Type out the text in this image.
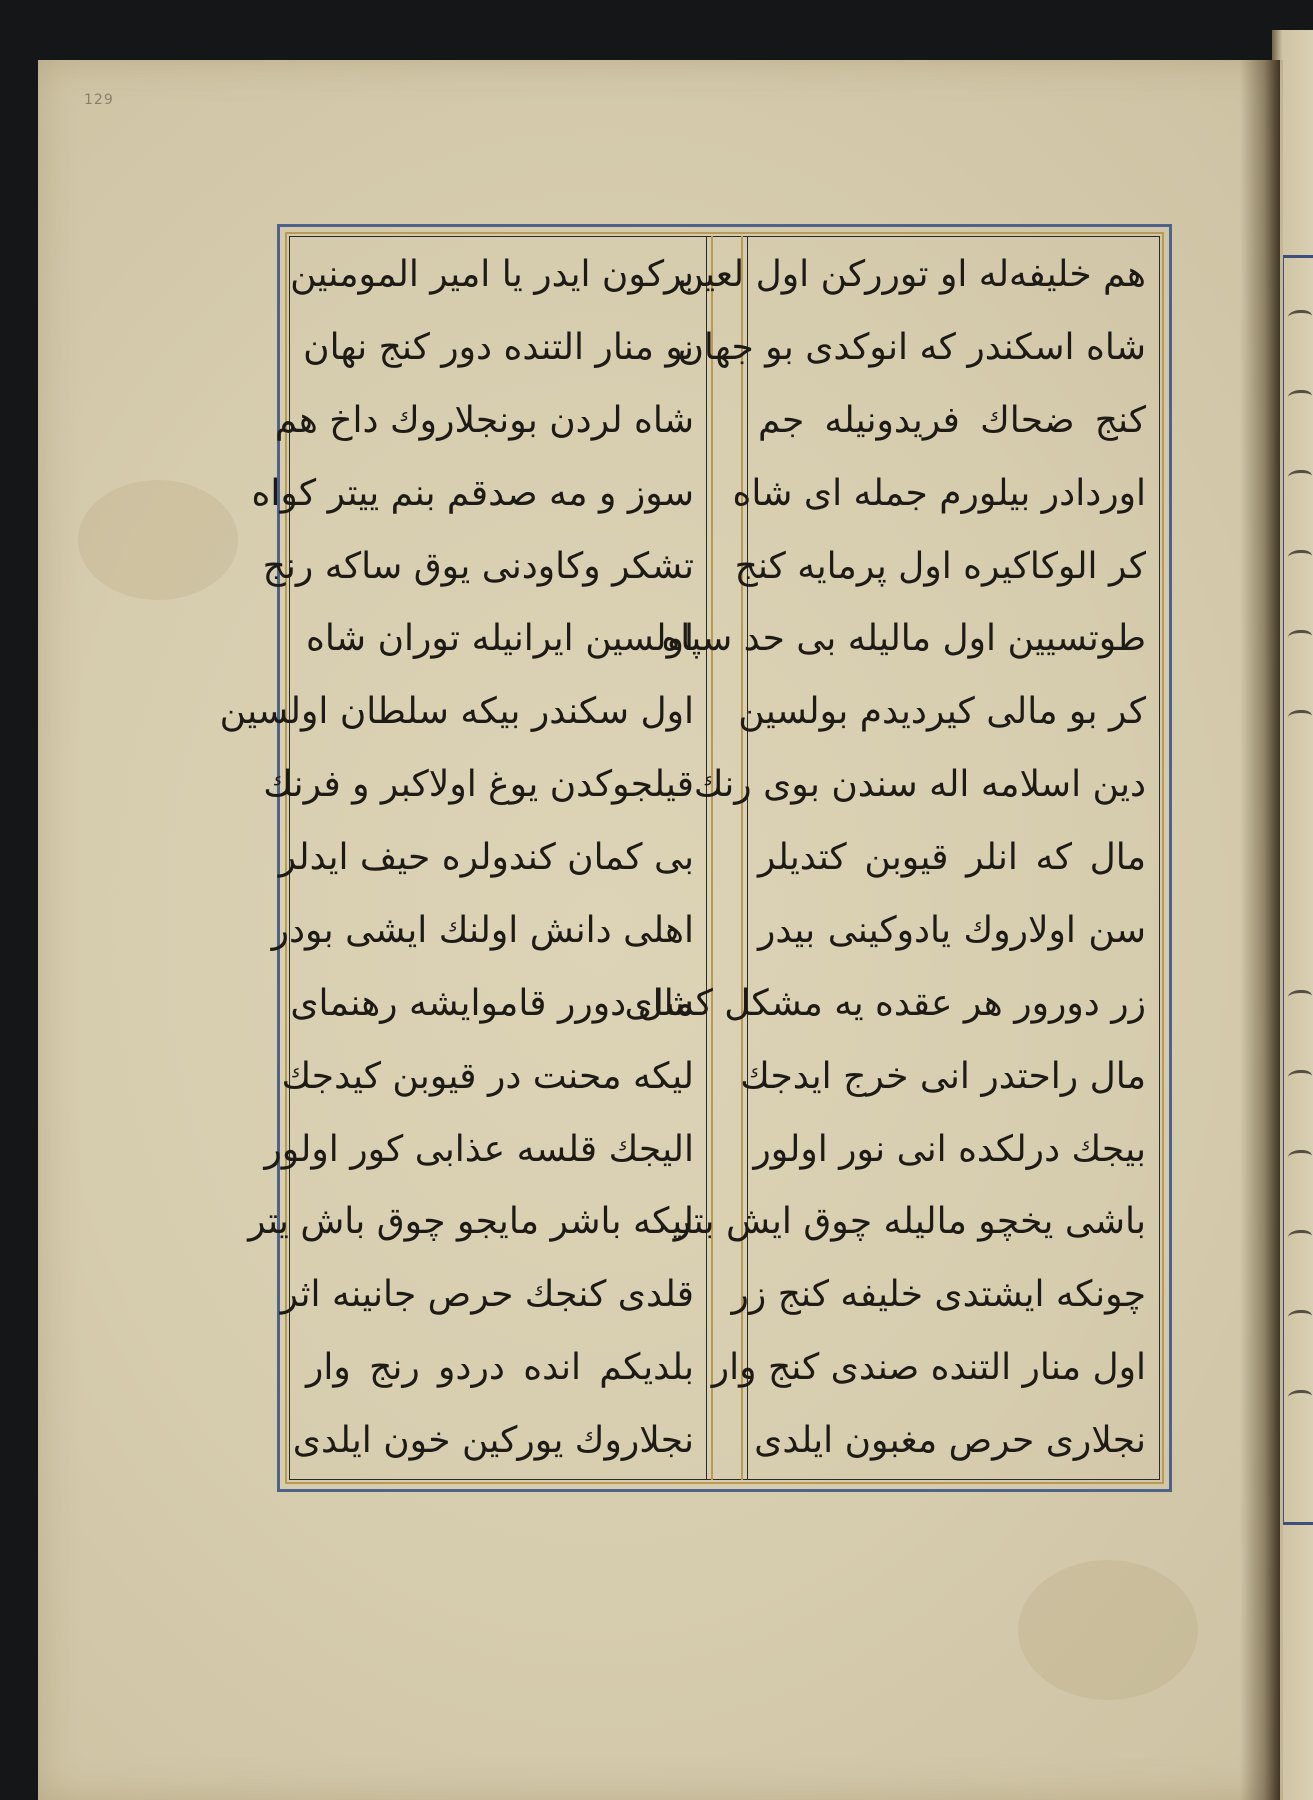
129
هم خلیفه‌له او توررکن اول لعین
شاه اسکندر که انوکدی بو جهان
کنج ضحاك فریدونیله جم
اوردادر بیلورم جمله ای شاه
کر الوکاکیره اول پرمایه کنج
طوتسیین اول مالیله بی حد سپاه
کر بو مالی کیردیدم بولسین
دین اسلامه اله سندن بوی رنك
مال که انلر قیوبن کتدیلر
سن اولاروك یادوکینی بیدر
زر دورور هر عقده یه مشکل کشای
مال راحتدر انی خرج ایدجك
بیجك درلکده انی نور اولور
باشی یخچو مالیله چوق ایش بتر
چونکه ایشتدی خلیفه کنج زر
اول منار التنده صندی کنج وار
نجلاری حرص مغبون ایلدی
برکون ایدر یا امیر المومنین
بو منار التنده دور کنج نهان
شاه لردن بونجلاروك داخ هم
سوز و مه صدقم بنم ییتر کواه
تشکر وکاودنی یوق ساکه رنج
اولسین ایرانیله توران شاه
اول سکندر بیکه سلطان اولسین
قیلجوکدن یوغ اولاکبر و فرنك
بی کمان کندولره حیف ایدلر
اهلی دانش اولنك ایشی بودر
مال دورر قاموایشه رهنمای
لیکه محنت در قیوبن کیدجك
الیجك قلسه عذابی کور اولور
لیکه باشر مایجو چوق باش یتر
قلدی کنجك حرص جانینه اثر
بلدیکم انده دردو رنج وار
نجلاروك یورکین خون ایلدی
